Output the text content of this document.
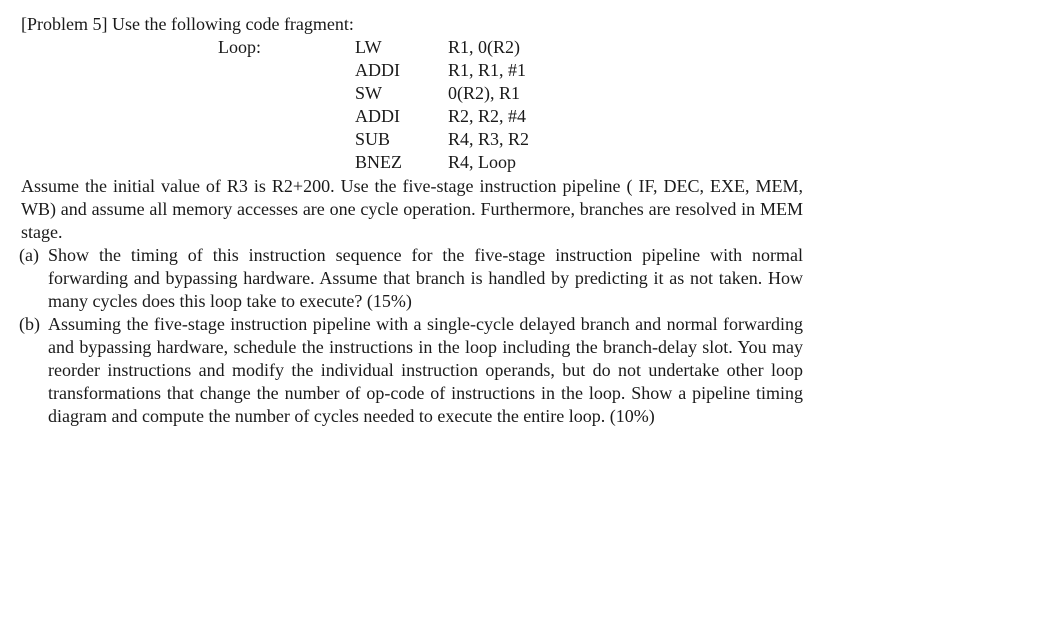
[Problem 5] Use the following code fragment:
Loop:	LW	R1, 0(R2)
ADDI	R1, R1, #1
SW	0(R2), R1
ADDI	R2, R2, #4
SUB	R4, R3, R2
BNEZ	R4, Loop

Assume the initial value of R3 is R2+200. Use the five-stage instruction pipeline ( IF, DEC, EXE, MEM, WB) and assume all memory accesses are one cycle operation. Furthermore, branches are resolved in MEM stage.

(a) Show the timing of this instruction sequence for the five-stage instruction pipeline with normal forwarding and bypassing hardware. Assume that branch is handled by predicting it as not taken. How many cycles does this loop take to execute? (15%)
(b) Assuming the five-stage instruction pipeline with a single-cycle delayed branch and normal forwarding and bypassing hardware, schedule the instructions in the loop including the branch-delay slot. You may reorder instructions and modify the individual instruction operands, but do not undertake other loop transformations that change the number of op-code of instructions in the loop. Show a pipeline timing diagram and compute the number of cycles needed to execute the entire loop. (10%)
